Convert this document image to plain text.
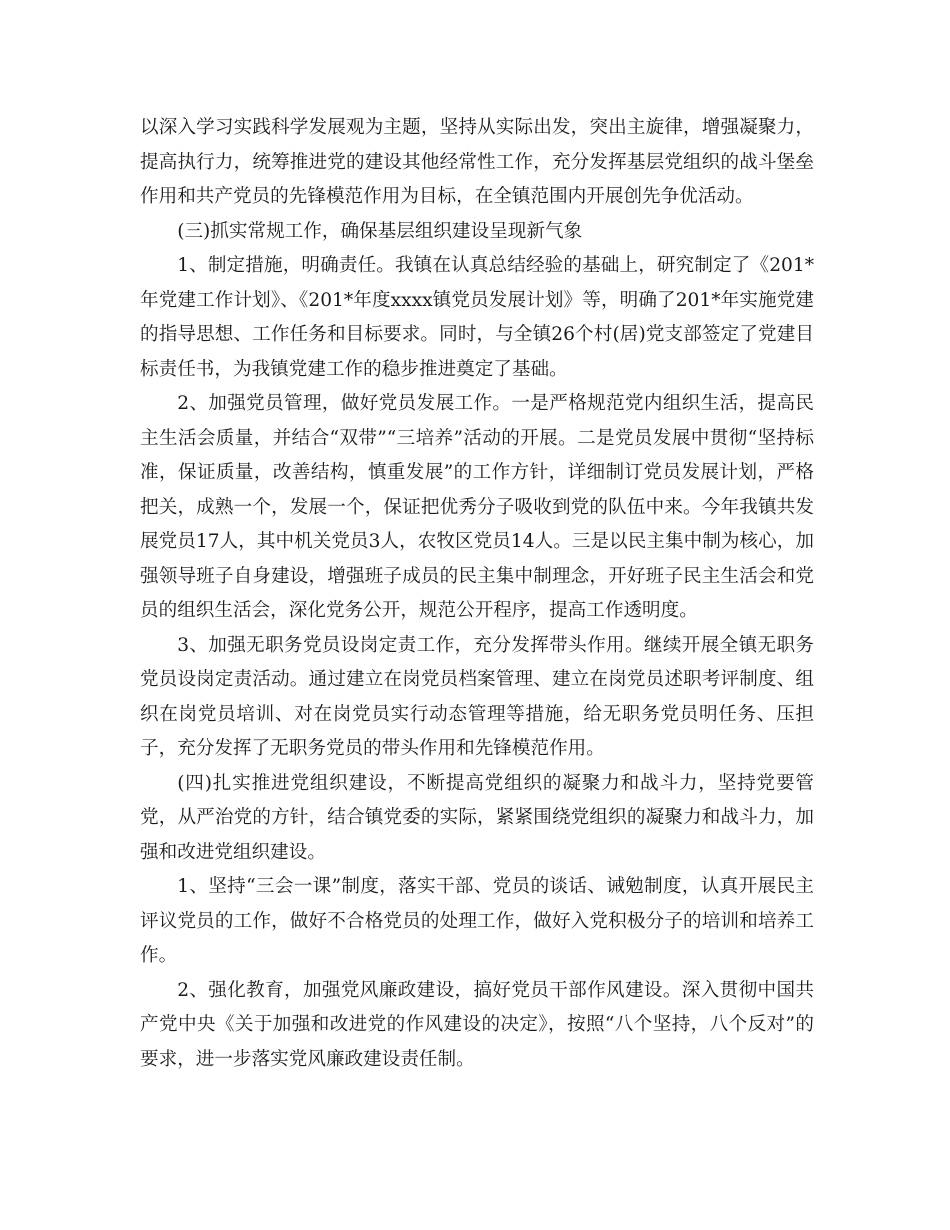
以深入学习实践科学发展观为主题，坚持从实际出发，突出主旋律，增强凝聚力，提高执行力，统筹推进党的建设其他经常性工作，充分发挥基层党组织的战斗堡垒作用和共产党员的先锋模范作用为目标，在全镇范围内开展创先争优活动。

(三)抓实常规工作，确保基层组织建设呈现新气象

1、制定措施，明确责任。我镇在认真总结经验的基础上，研究制定了《201*年党建工作计划》、《201*年度xxxx镇党员发展计划》等，明确了201*年实施党建的指导思想、工作任务和目标要求。同时，与全镇26个村(居)党支部签定了党建目标责任书，为我镇党建工作的稳步推进奠定了基础。

2、加强党员管理，做好党员发展工作。一是严格规范党内组织生活，提高民主生活会质量，并结合“双带”“三培养”活动的开展。二是党员发展中贯彻“坚持标准，保证质量，改善结构，慎重发展”的工作方针，详细制订党员发展计划，严格把关，成熟一个，发展一个，保证把优秀分子吸收到党的队伍中来。今年我镇共发展党员17人，其中机关党员3人，农牧区党员14人。三是以民主集中制为核心，加强领导班子自身建设，增强班子成员的民主集中制理念，开好班子民主生活会和党员的组织生活会，深化党务公开，规范公开程序，提高工作透明度。

3、加强无职务党员设岗定责工作，充分发挥带头作用。继续开展全镇无职务党员设岗定责活动。通过建立在岗党员档案管理、建立在岗党员述职考评制度、组织在岗党员培训、对在岗党员实行动态管理等措施，给无职务党员明任务、压担子，充分发挥了无职务党员的带头作用和先锋模范作用。

(四)扎实推进党组织建设，不断提高党组织的凝聚力和战斗力，坚持党要管党，从严治党的方针，结合镇党委的实际，紧紧围绕党组织的凝聚力和战斗力，加强和改进党组织建设。

1、坚持“三会一课”制度，落实干部、党员的谈话、诫勉制度，认真开展民主评议党员的工作，做好不合格党员的处理工作，做好入党积极分子的培训和培养工作。

2、强化教育，加强党风廉政建设，搞好党员干部作风建设。深入贯彻中国共产党中央《关于加强和改进党的作风建设的决定》，按照“八个坚持，八个反对”的要求，进一步落实党风廉政建设责任制。
